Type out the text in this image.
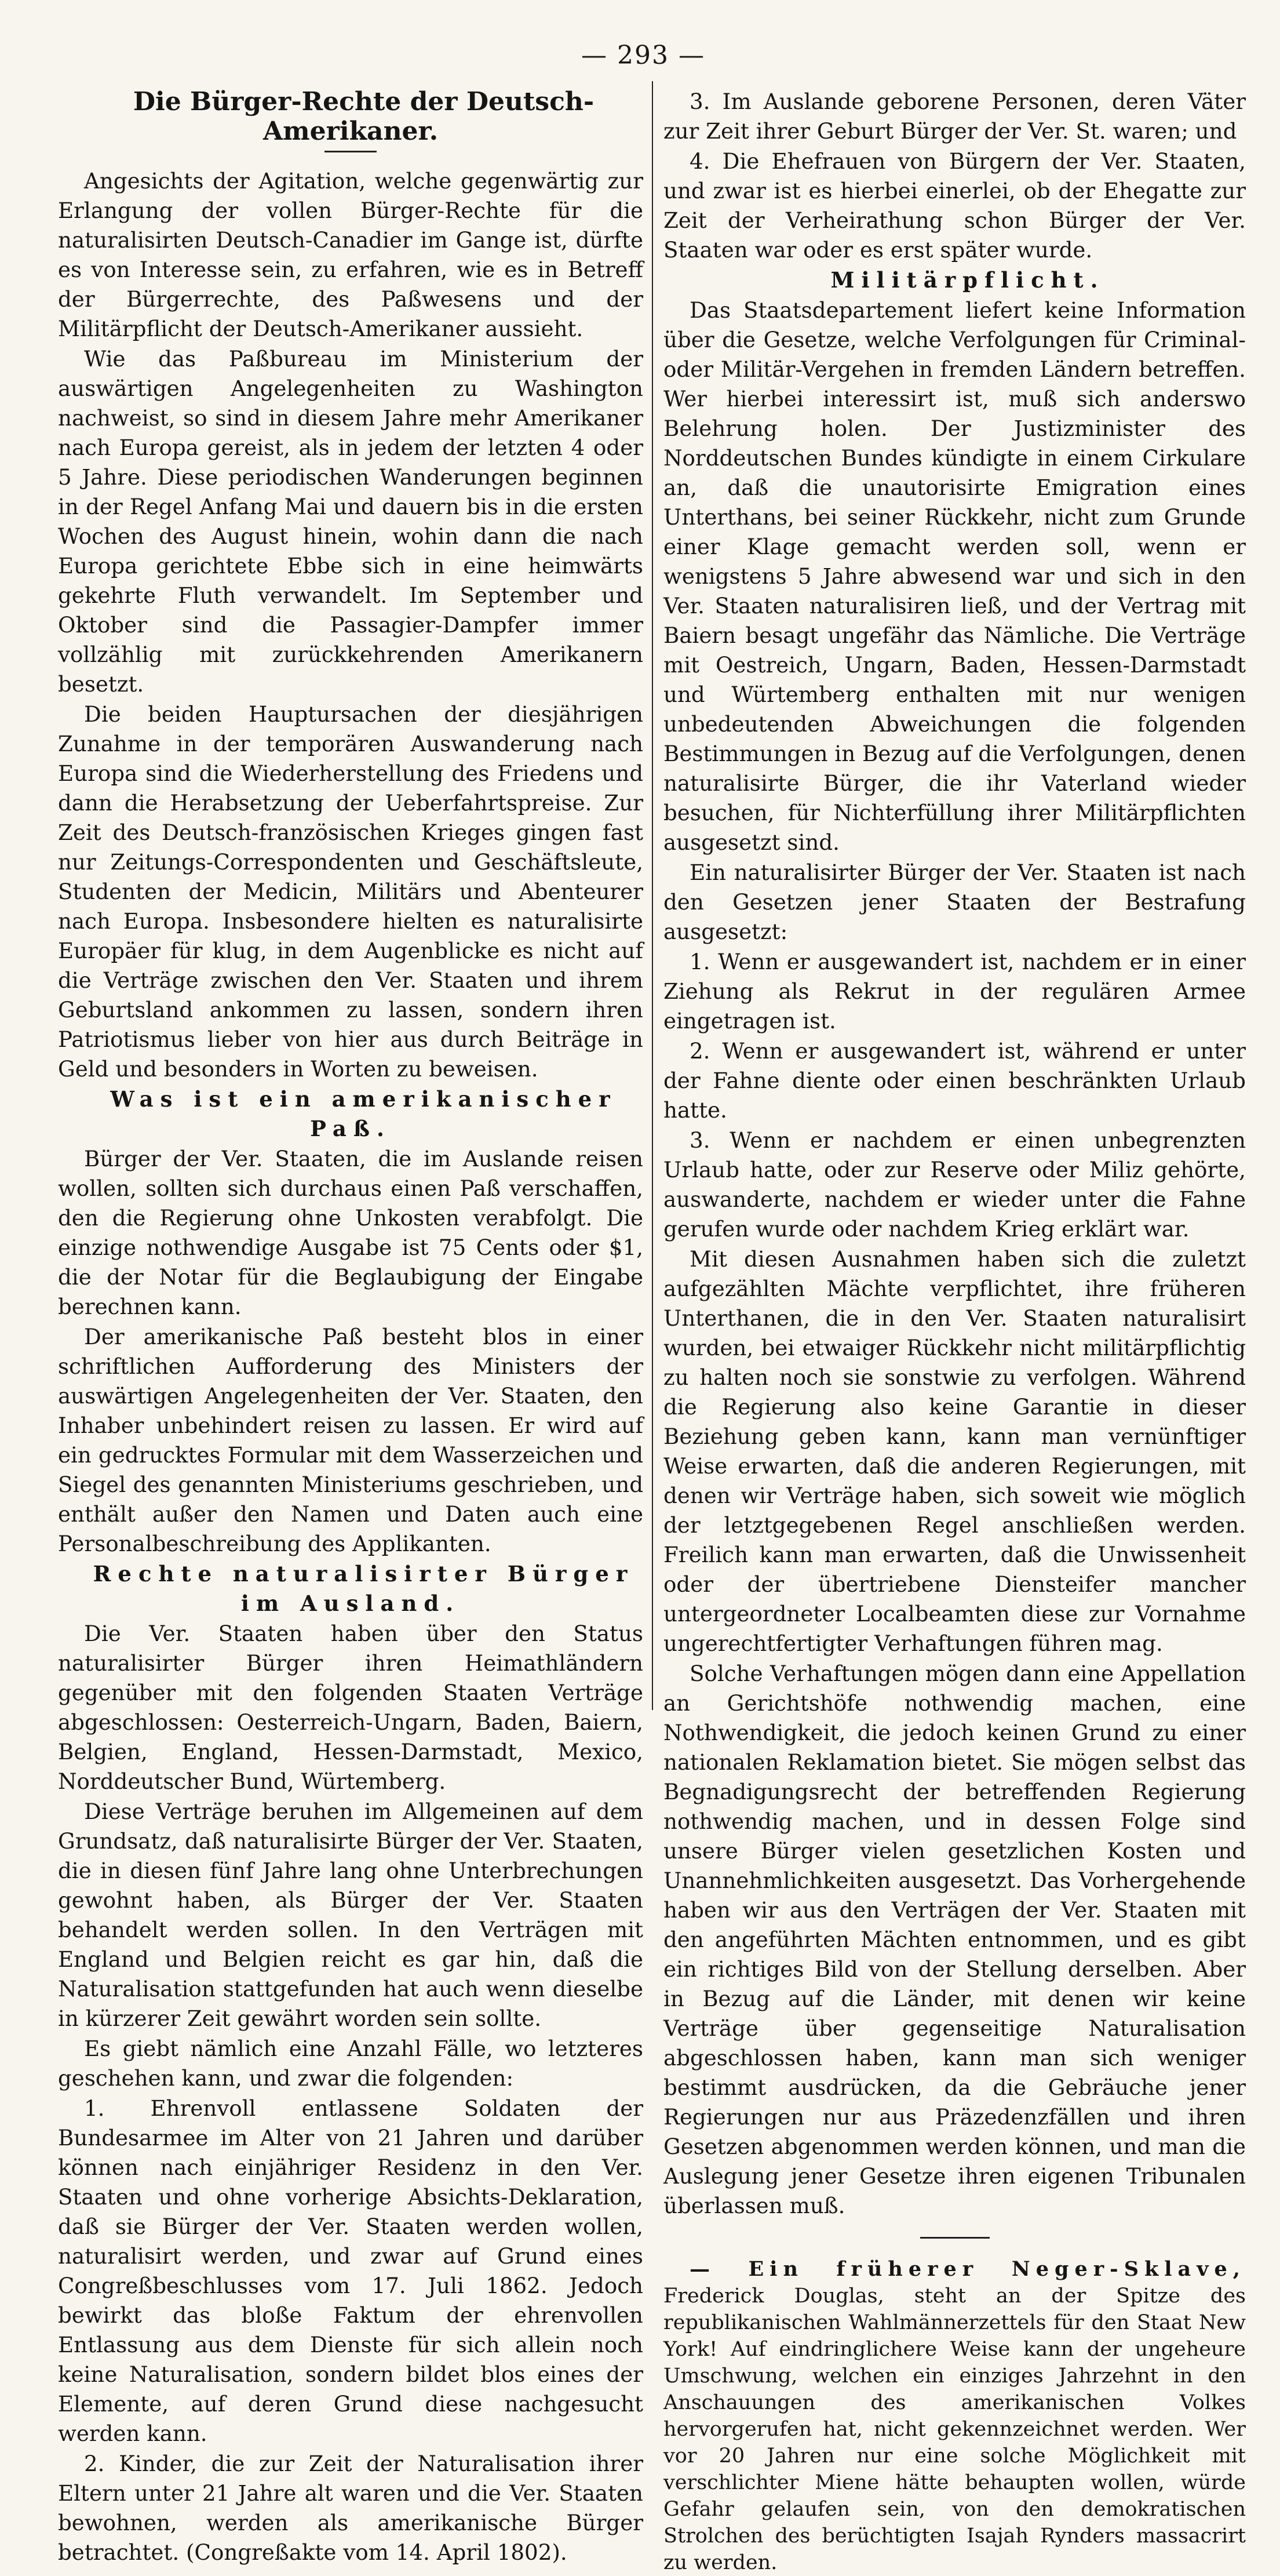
— 293 —

Die Bürger-Rechte der Deutsch-Amerikaner.

Angesichts der Agitation, welche gegenwärtig zur Erlangung der vollen Bürger-Rechte für die naturalisirten Deutsch-Canadier im Gange ist, dürfte es von Interesse sein, zu erfahren, wie es in Betreff der Bürgerrechte, des Paßwesens und der Militärpflicht der Deutsch-Amerikaner aussieht.

Wie das Paßbureau im Ministerium der auswärtigen Angelegenheiten zu Washington nachweist, so sind in diesem Jahre mehr Amerikaner nach Europa gereist, als in jedem der letzten 4 oder 5 Jahre. Diese periodischen Wanderungen beginnen in der Regel Anfang Mai und dauern bis in die ersten Wochen des August hinein, wohin dann die nach Europa gerichtete Ebbe sich in eine heimwärts gekehrte Fluth verwandelt. Im September und Oktober sind die Passagier-Dampfer immer vollzählig mit zurückkehrenden Amerikanern besetzt.

Die beiden Hauptursachen der diesjährigen Zunahme in der temporären Auswanderung nach Europa sind die Wiederherstellung des Friedens und dann die Herabsetzung der Ueberfahrtspreise. Zur Zeit des Deutsch-französischen Krieges gingen fast nur Zeitungs-Correspondenten und Geschäftsleute, Studenten der Medicin, Militärs und Abenteurer nach Europa. Insbesondere hielten es naturalisirte Europäer für klug, in dem Augenblicke es nicht auf die Verträge zwischen den Ver. Staaten und ihrem Geburtsland ankommen zu lassen, sondern ihren Patriotismus lieber von hier aus durch Beiträge in Geld und besonders in Worten zu beweisen.

Was ist ein amerikanischer Paß.

Bürger der Ver. Staaten, die im Auslande reisen wollen, sollten sich durchaus einen Paß verschaffen, den die Regierung ohne Unkosten verabfolgt. Die einzige nothwendige Ausgabe ist 75 Cents oder $1, die der Notar für die Beglaubigung der Eingabe berechnen kann.

Der amerikanische Paß besteht blos in einer schriftlichen Aufforderung des Ministers der auswärtigen Angelegenheiten der Ver. Staaten, den Inhaber unbehindert reisen zu lassen. Er wird auf ein gedrucktes Formular mit dem Wasserzeichen und Siegel des genannten Ministeriums geschrieben, und enthält außer den Namen und Daten auch eine Personalbeschreibung des Applikanten.

Rechte naturalisirter Bürger im Ausland.

Die Ver. Staaten haben über den Status naturalisirter Bürger ihren Heimathländern gegenüber mit den folgenden Staaten Verträge abgeschlossen: Oesterreich-Ungarn, Baden, Baiern, Belgien, England, Hessen-Darmstadt, Mexico, Norddeutscher Bund, Würtemberg.

Diese Verträge beruhen im Allgemeinen auf dem Grundsatz, daß naturalisirte Bürger der Ver. Staaten, die in diesen fünf Jahre lang ohne Unterbrechungen gewohnt haben, als Bürger der Ver. Staaten behandelt werden sollen. In den Verträgen mit England und Belgien reicht es gar hin, daß die Naturalisation stattgefunden hat auch wenn dieselbe in kürzerer Zeit gewährt worden sein sollte.

Es giebt nämlich eine Anzahl Fälle, wo letzteres geschehen kann, und zwar die folgenden:

1. Ehrenvoll entlassene Soldaten der Bundesarmee im Alter von 21 Jahren und darüber können nach einjähriger Residenz in den Ver. Staaten und ohne vorherige Absichts-Deklaration, daß sie Bürger der Ver. Staaten werden wollen, naturalisirt werden, und zwar auf Grund eines Congreßbeschlusses vom 17. Juli 1862. Jedoch bewirkt das bloße Faktum der ehrenvollen Entlassung aus dem Dienste für sich allein noch keine Naturalisation, sondern bildet blos eines der Elemente, auf deren Grund diese nachgesucht werden kann.

2. Kinder, die zur Zeit der Naturalisation ihrer Eltern unter 21 Jahre alt waren und die Ver. Staaten bewohnen, werden als amerikanische Bürger betrachtet. (Congreßakte vom 14. April 1802).

3. Im Auslande geborene Personen, deren Väter zur Zeit ihrer Geburt Bürger der Ver. St. waren; und

4. Die Ehefrauen von Bürgern der Ver. Staaten, und zwar ist es hierbei einerlei, ob der Ehegatte zur Zeit der Verheirathung schon Bürger der Ver. Staaten war oder es erst später wurde.

Militärpflicht.

Das Staatsdepartement liefert keine Information über die Gesetze, welche Verfolgungen für Criminal- oder Militär-Vergehen in fremden Ländern betreffen. Wer hierbei interessirt ist, muß sich anderswo Belehrung holen. Der Justizminister des Norddeutschen Bundes kündigte in einem Cirkulare an, daß die unautorisirte Emigration eines Unterthans, bei seiner Rückkehr, nicht zum Grunde einer Klage gemacht werden soll, wenn er wenigstens 5 Jahre abwesend war und sich in den Ver. Staaten naturalisiren ließ, und der Vertrag mit Baiern besagt ungefähr das Nämliche. Die Verträge mit Oestreich, Ungarn, Baden, Hessen-Darmstadt und Würtemberg enthalten mit nur wenigen unbedeutenden Abweichungen die folgenden Bestimmungen in Bezug auf die Verfolgungen, denen naturalisirte Bürger, die ihr Vaterland wieder besuchen, für Nichterfüllung ihrer Militärpflichten ausgesetzt sind.

Ein naturalisirter Bürger der Ver. Staaten ist nach den Gesetzen jener Staaten der Bestrafung ausgesetzt:

1. Wenn er ausgewandert ist, nachdem er in einer Ziehung als Rekrut in der regulären Armee eingetragen ist.

2. Wenn er ausgewandert ist, während er unter der Fahne diente oder einen beschränkten Urlaub hatte.

3. Wenn er nachdem er einen unbegrenzten Urlaub hatte, oder zur Reserve oder Miliz gehörte, auswanderte, nachdem er wieder unter die Fahne gerufen wurde oder nachdem Krieg erklärt war.

Mit diesen Ausnahmen haben sich die zuletzt aufgezählten Mächte verpflichtet, ihre früheren Unterthanen, die in den Ver. Staaten naturalisirt wurden, bei etwaiger Rückkehr nicht militärpflichtig zu halten noch sie sonstwie zu verfolgen. Während die Regierung also keine Garantie in dieser Beziehung geben kann, kann man vernünftiger Weise erwarten, daß die anderen Regierungen, mit denen wir Verträge haben, sich soweit wie möglich der letztgegebenen Regel anschließen werden. Freilich kann man erwarten, daß die Unwissenheit oder der übertriebene Diensteifer mancher untergeordneter Localbeamten diese zur Vornahme ungerechtfertigter Verhaftungen führen mag.

Solche Verhaftungen mögen dann eine Appellation an Gerichtshöfe nothwendig machen, eine Nothwendigkeit, die jedoch keinen Grund zu einer nationalen Reklamation bietet. Sie mögen selbst das Begnadigungsrecht der betreffenden Regierung nothwendig machen, und in dessen Folge sind unsere Bürger vielen gesetzlichen Kosten und Unannehmlichkeiten ausgesetzt. Das Vorhergehende haben wir aus den Verträgen der Ver. Staaten mit den angeführten Mächten entnommen, und es gibt ein richtiges Bild von der Stellung derselben. Aber in Bezug auf die Länder, mit denen wir keine Verträge über gegenseitige Naturalisation abgeschlossen haben, kann man sich weniger bestimmt ausdrücken, da die Gebräuche jener Regierungen nur aus Präzedenzfällen und ihren Gesetzen abgenommen werden können, und man die Auslegung jener Gesetze ihren eigenen Tribunalen überlassen muß.

— Ein früherer Neger-Sklave, Frederick Douglas, steht an der Spitze des republikanischen Wahlmännerzettels für den Staat New York! Auf eindringlichere Weise kann der ungeheure Umschwung, welchen ein einziges Jahrzehnt in den Anschauungen des amerikanischen Volkes hervorgerufen hat, nicht gekennzeichnet werden. Wer vor 20 Jahren nur eine solche Möglichkeit mit verschlichter Miene hätte behaupten wollen, würde Gefahr gelaufen sein, von den demokratischen Strolchen des berüchtigten Isajah Rynders massacrirt zu werden.
